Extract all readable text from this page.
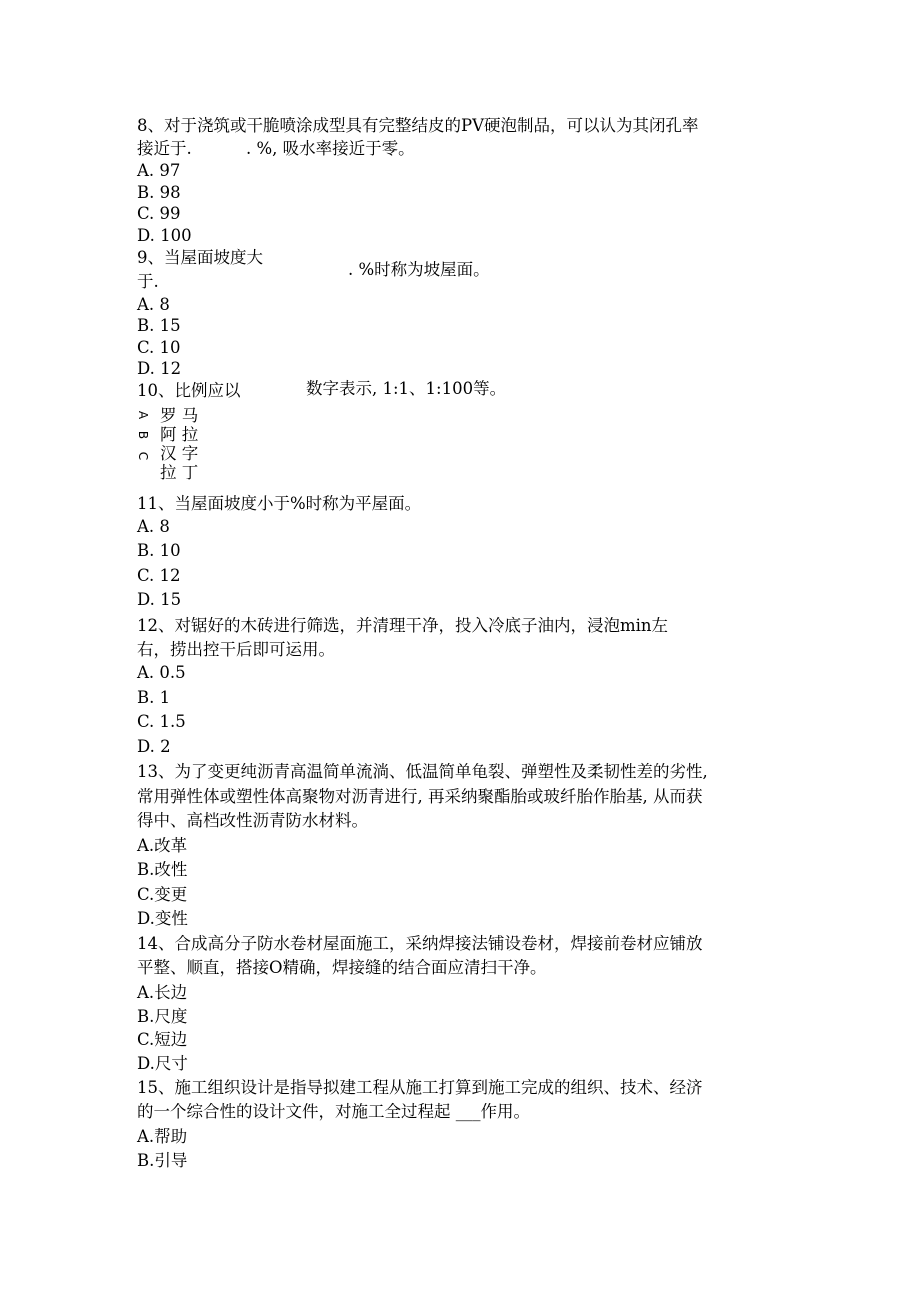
8、对于浇筑或干脆喷涂成型具有完整结皮的PV硬泡制品，可以认为其闭孔率
接近于.	. %, 吸水率接近于零。
A. 97
B. 98
C. 99
D. 100
9、当屋面坡度大
于.
. %时称为坡屋面。
A. 8
B. 15
C. 10
D. 12
10、比例应以	数字表示, 1:1、1:100等。
A
B
C
罗 马
阿 拉
汉 字
拉 丁
11、当屋面坡度小于%时称为平屋面。
A. 8
B. 10
C. 12
D. 15
12、对锯好的木砖进行筛选，并清理干净，投入冷底子油内，浸泡min左
右，捞出控干后即可运用。
A. 0.5
B. 1
C. 1.5
D. 2
13、为了变更纯沥青高温简单流淌、低温简单龟裂、弹塑性及柔韧性差的劣性,
常用弹性体或塑性体高聚物对沥青进行, 再采纳聚酯胎或玻纤胎作胎基, 从而获
得中、高档改性沥青防水材料。
A.改革
B.改性
C.变更
D.变性
14、合成高分子防水卷材屋面施工，采纳焊接法铺设卷材，焊接前卷材应铺放
平整、顺直，搭接O精确，焊接缝的结合面应清扫干净。
A.长边
B.尺度
C.短边
D.尺寸
15、施工组织设计是指导拟建工程从施工打算到施工完成的组织、技术、经济
的一个综合性的设计文件，对施工全过程起 ___作用。
A.帮助
B.引导
